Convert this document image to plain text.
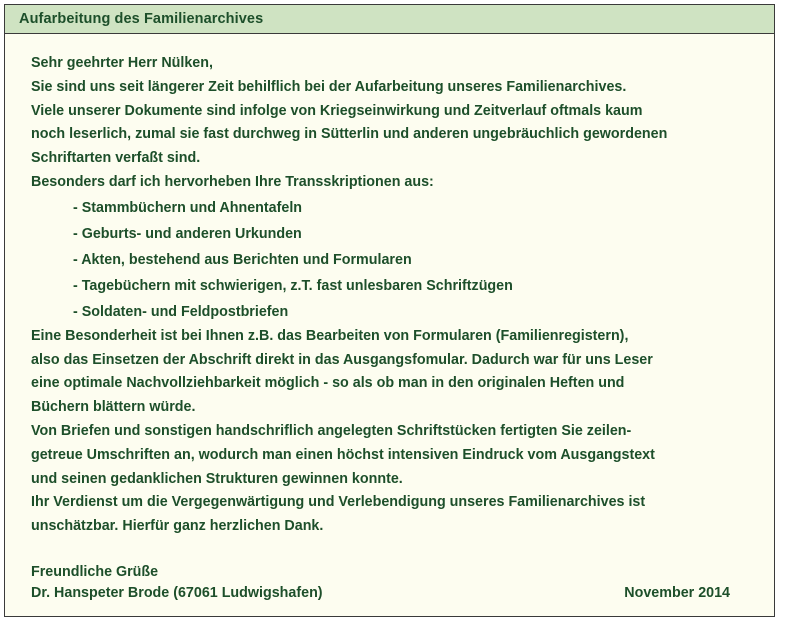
Aufarbeitung des Familienarchives
Sehr geehrter Herr Nülken,
Sie sind uns seit längerer Zeit behilflich bei der Aufarbeitung unseres Familienarchives.
Viele unserer Dokumente sind infolge von Kriegseinwirkung und Zeitverlauf oftmals kaum
noch leserlich, zumal sie fast durchweg in Sütterlin und anderen ungebräuchlich gewordenen
Schriftarten verfaßt sind.
Besonders darf ich hervorheben Ihre Transskriptionen aus:
- Stammbüchern und Ahnentafeln
- Geburts- und anderen Urkunden
- Akten, bestehend aus Berichten und Formularen
- Tagebüchern mit schwierigen, z.T. fast unlesbaren Schriftzügen
- Soldaten- und Feldpostbriefen
Eine Besonderheit ist bei Ihnen z.B. das Bearbeiten von Formularen (Familienregistern),
also das Einsetzen der Abschrift direkt in das Ausgangsfomular. Dadurch war für uns Leser
eine optimale Nachvollziehbarkeit möglich - so als ob man in den originalen Heften und
Büchern blättern würde.
Von Briefen und sonstigen handschriflich angelegten Schriftstücken fertigten Sie zeilen-
getreue Umschriften an, wodurch man einen höchst intensiven Eindruck vom Ausgangstext
und seinen gedanklichen Strukturen gewinnen konnte.
Ihr Verdienst um die Vergegenwärtigung und Verlebendigung unseres Familienarchives ist
unschätzbar. Hierfür ganz herzlichen Dank.
Freundliche Grüße
Dr. Hanspeter Brode (67061 Ludwigshafen)	November 2014
